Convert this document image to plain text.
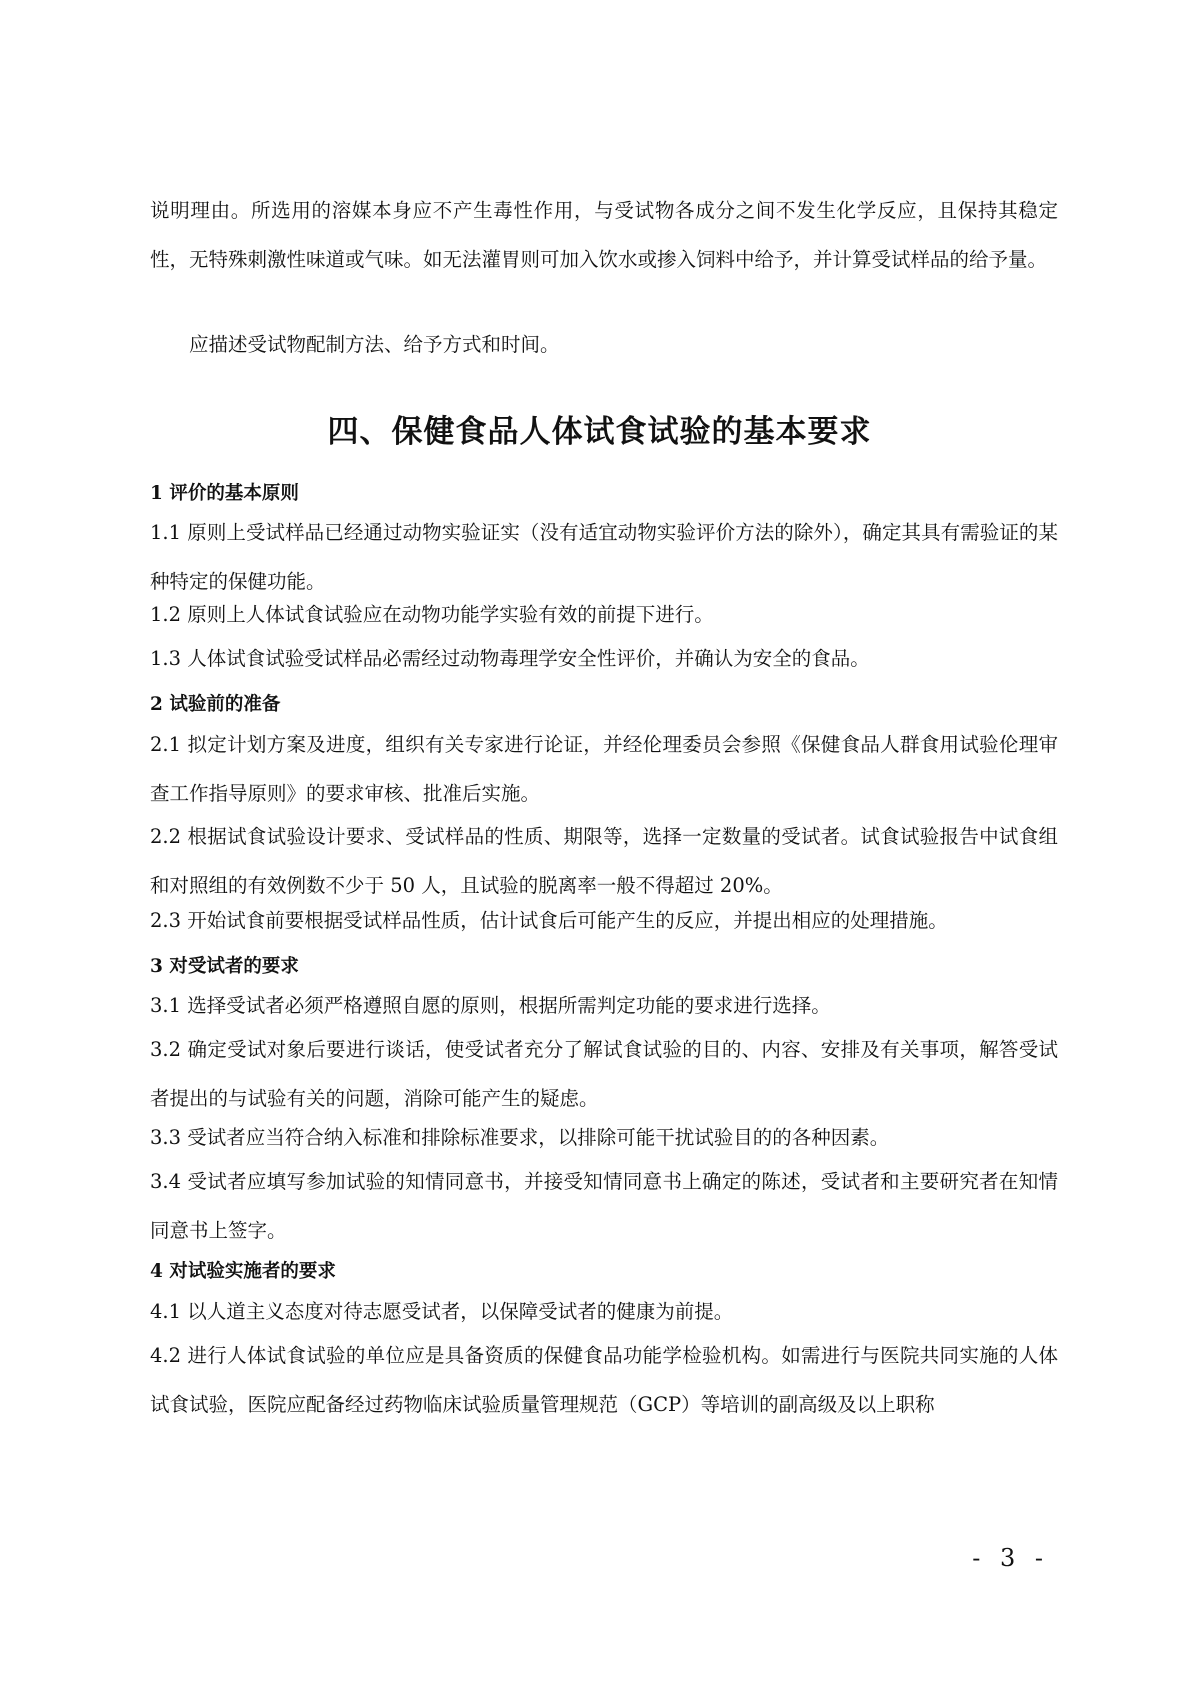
说明理由。所选用的溶媒本身应不产生毒性作用，与受试物各成分之间不发生化学反应，且保持其稳定性，无特殊刺激性味道或气味。如无法灌胃则可加入饮水或掺入饲料中给予，并计算受试样品的给予量。

应描述受试物配制方法、给予方式和时间。

四、保健食品人体试食试验的基本要求
1 评价的基本原则

1.1 原则上受试样品已经通过动物实验证实（没有适宜动物实验评价方法的除外），确定其具有需验证的某种特定的保健功能。

1.2 原则上人体试食试验应在动物功能学实验有效的前提下进行。

1.3 人体试食试验受试样品必需经过动物毒理学安全性评价，并确认为安全的食品。

2 试验前的准备

2.1 拟定计划方案及进度，组织有关专家进行论证，并经伦理委员会参照《保健食品人群食用试验伦理审查工作指导原则》的要求审核、批准后实施。

2.2 根据试食试验设计要求、受试样品的性质、期限等，选择一定数量的受试者。试食试验报告中试食组和对照组的有效例数不少于 50 人，且试验的脱离率一般不得超过 20%。

2.3 开始试食前要根据受试样品性质，估计试食后可能产生的反应，并提出相应的处理措施。

3 对受试者的要求

3.1 选择受试者必须严格遵照自愿的原则，根据所需判定功能的要求进行选择。

3.2 确定受试对象后要进行谈话，使受试者充分了解试食试验的目的、内容、安排及有关事项，解答受试者提出的与试验有关的问题，消除可能产生的疑虑。

3.3 受试者应当符合纳入标准和排除标准要求，以排除可能干扰试验目的的各种因素。

3.4 受试者应填写参加试验的知情同意书，并接受知情同意书上确定的陈述，受试者和主要研究者在知情同意书上签字。

4 对试验实施者的要求

4.1 以人道主义态度对待志愿受试者，以保障受试者的健康为前提。

4.2 进行人体试食试验的单位应是具备资质的保健食品功能学检验机构。如需进行与医院共同实施的人体试食试验，医院应配备经过药物临床试验质量管理规范（GCP）等培训的副高级及以上职称

- 3 -
